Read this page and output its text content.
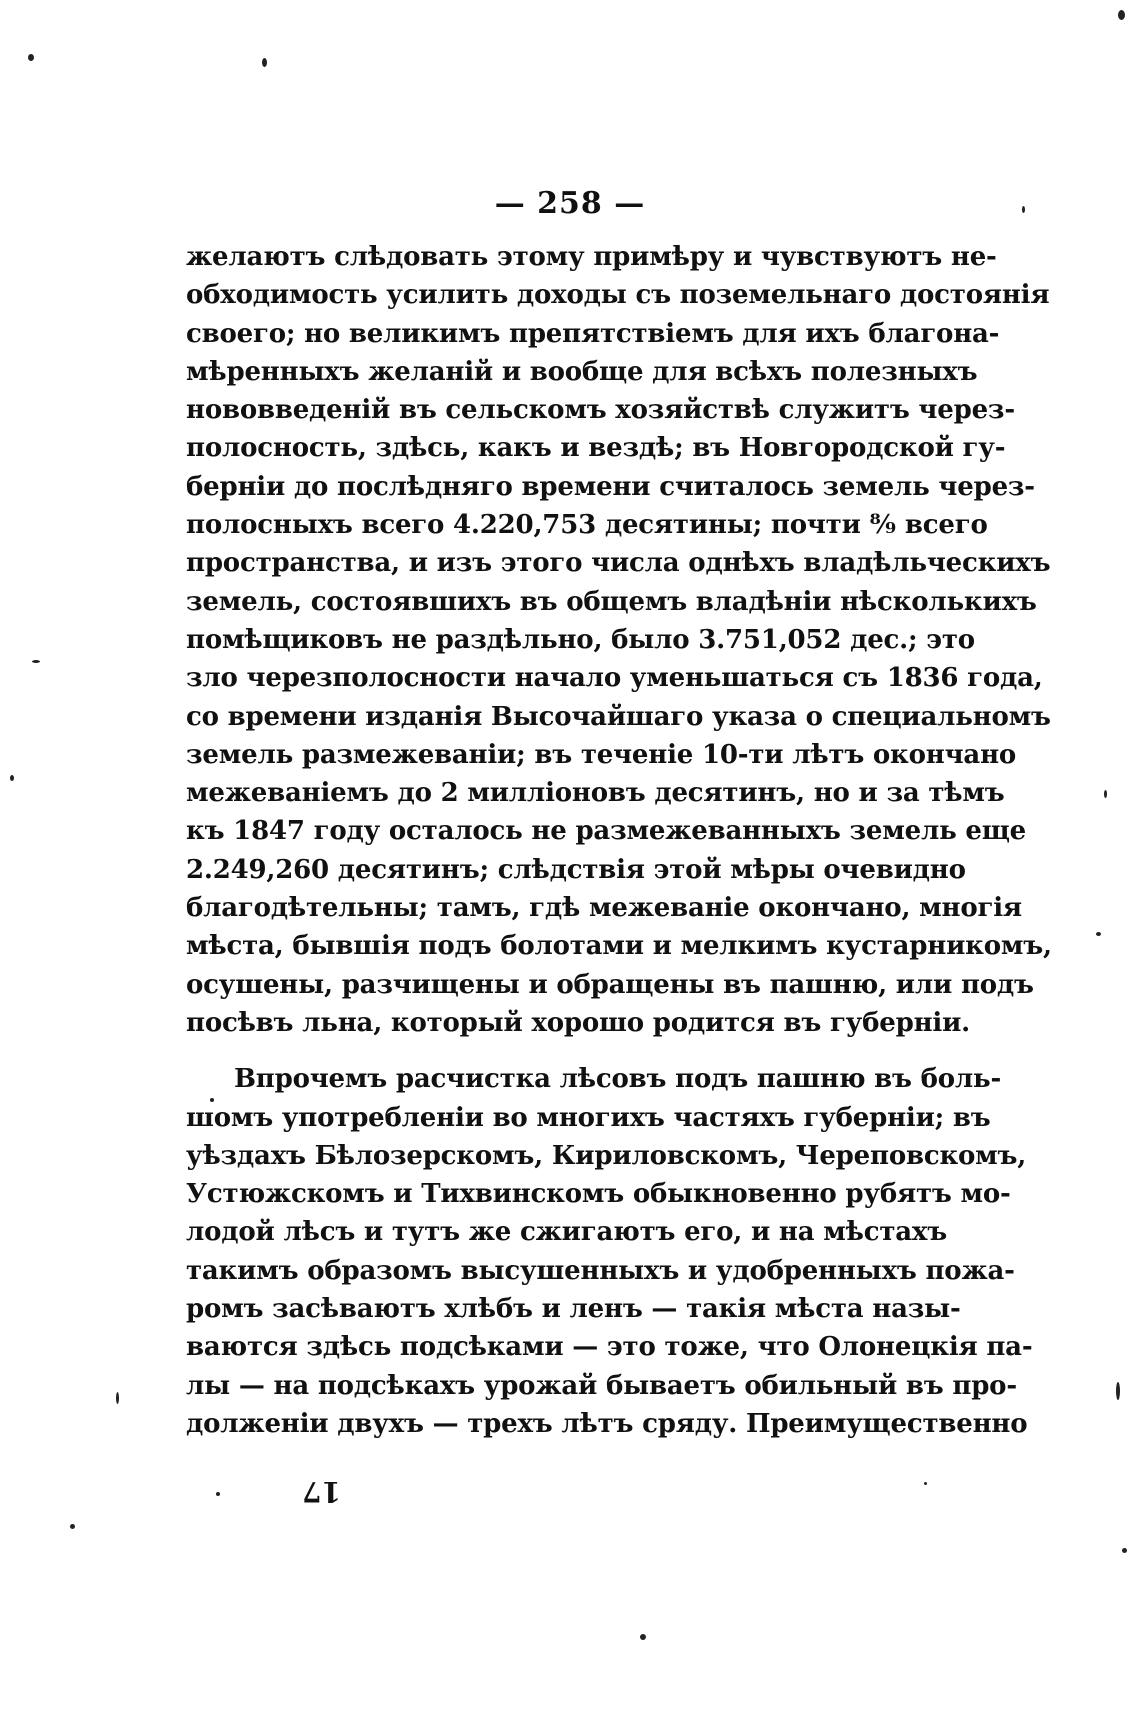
— 258 —
желаютъ слѣдовать этому примѣру и чувствуютъ не-
обходимость усилить доходы съ поземельнаго достоянія
своего; но великимъ препятствіемъ для ихъ благона-
мѣренныхъ желаній и вообще для всѣхъ полезныхъ
нововведеній въ сельскомъ хозяйствѣ служитъ через-
полосность, здѣсь, какъ и вездѣ; въ Новгородской гу-
берніи до послѣдняго времени считалось земель через-
полосныхъ всего 4.220,753 десятины; почти ⁸⁄₉ всего
пространства, и изъ этого числа однѣхъ владѣльческихъ
земель, состоявшихъ въ общемъ владѣніи нѣсколькихъ
помѣщиковъ не раздѣльно, было 3.751,052 дес.; это
зло черезполосности начало уменьшаться съ 1836 года,
со времени изданія Высочайшаго указа о специальномъ
земель размежеваніи; въ теченіе 10-ти лѣтъ окончано
межеваніемъ до 2 милліоновъ десятинъ, но и за тѣмъ
къ 1847 году осталось не размежеванныхъ земель еще
2.249,260 десятинъ; слѣдствія этой мѣры очевидно
благодѣтельны; тамъ, гдѣ межеваніе окончано, многія
мѣста, бывшія подъ болотами и мелкимъ кустарникомъ,
осушены, разчищены и обращены въ пашню, или подъ
посѣвъ льна, который хорошо родится въ губерніи.
Впрочемъ расчистка лѣсовъ подъ пашню въ боль-
шомъ употребленіи во многихъ частяхъ губерніи; въ
уѣздахъ Бѣлозерскомъ, Кириловскомъ, Череповскомъ,
Устюжскомъ и Тихвинскомъ обыкновенно рубятъ мо-
лодой лѣсъ и тутъ же сжигаютъ его, и на мѣстахъ
такимъ образомъ высушенныхъ и удобренныхъ пожа-
ромъ засѣваютъ хлѣбъ и ленъ — такія мѣста назы-
ваются здѣсь подсѣками — это тоже, что Олонецкія па-
лы — на подсѣкахъ урожай бываетъ обильный въ про-
долженіи двухъ — трехъ лѣтъ сряду. Преимущественно
17
